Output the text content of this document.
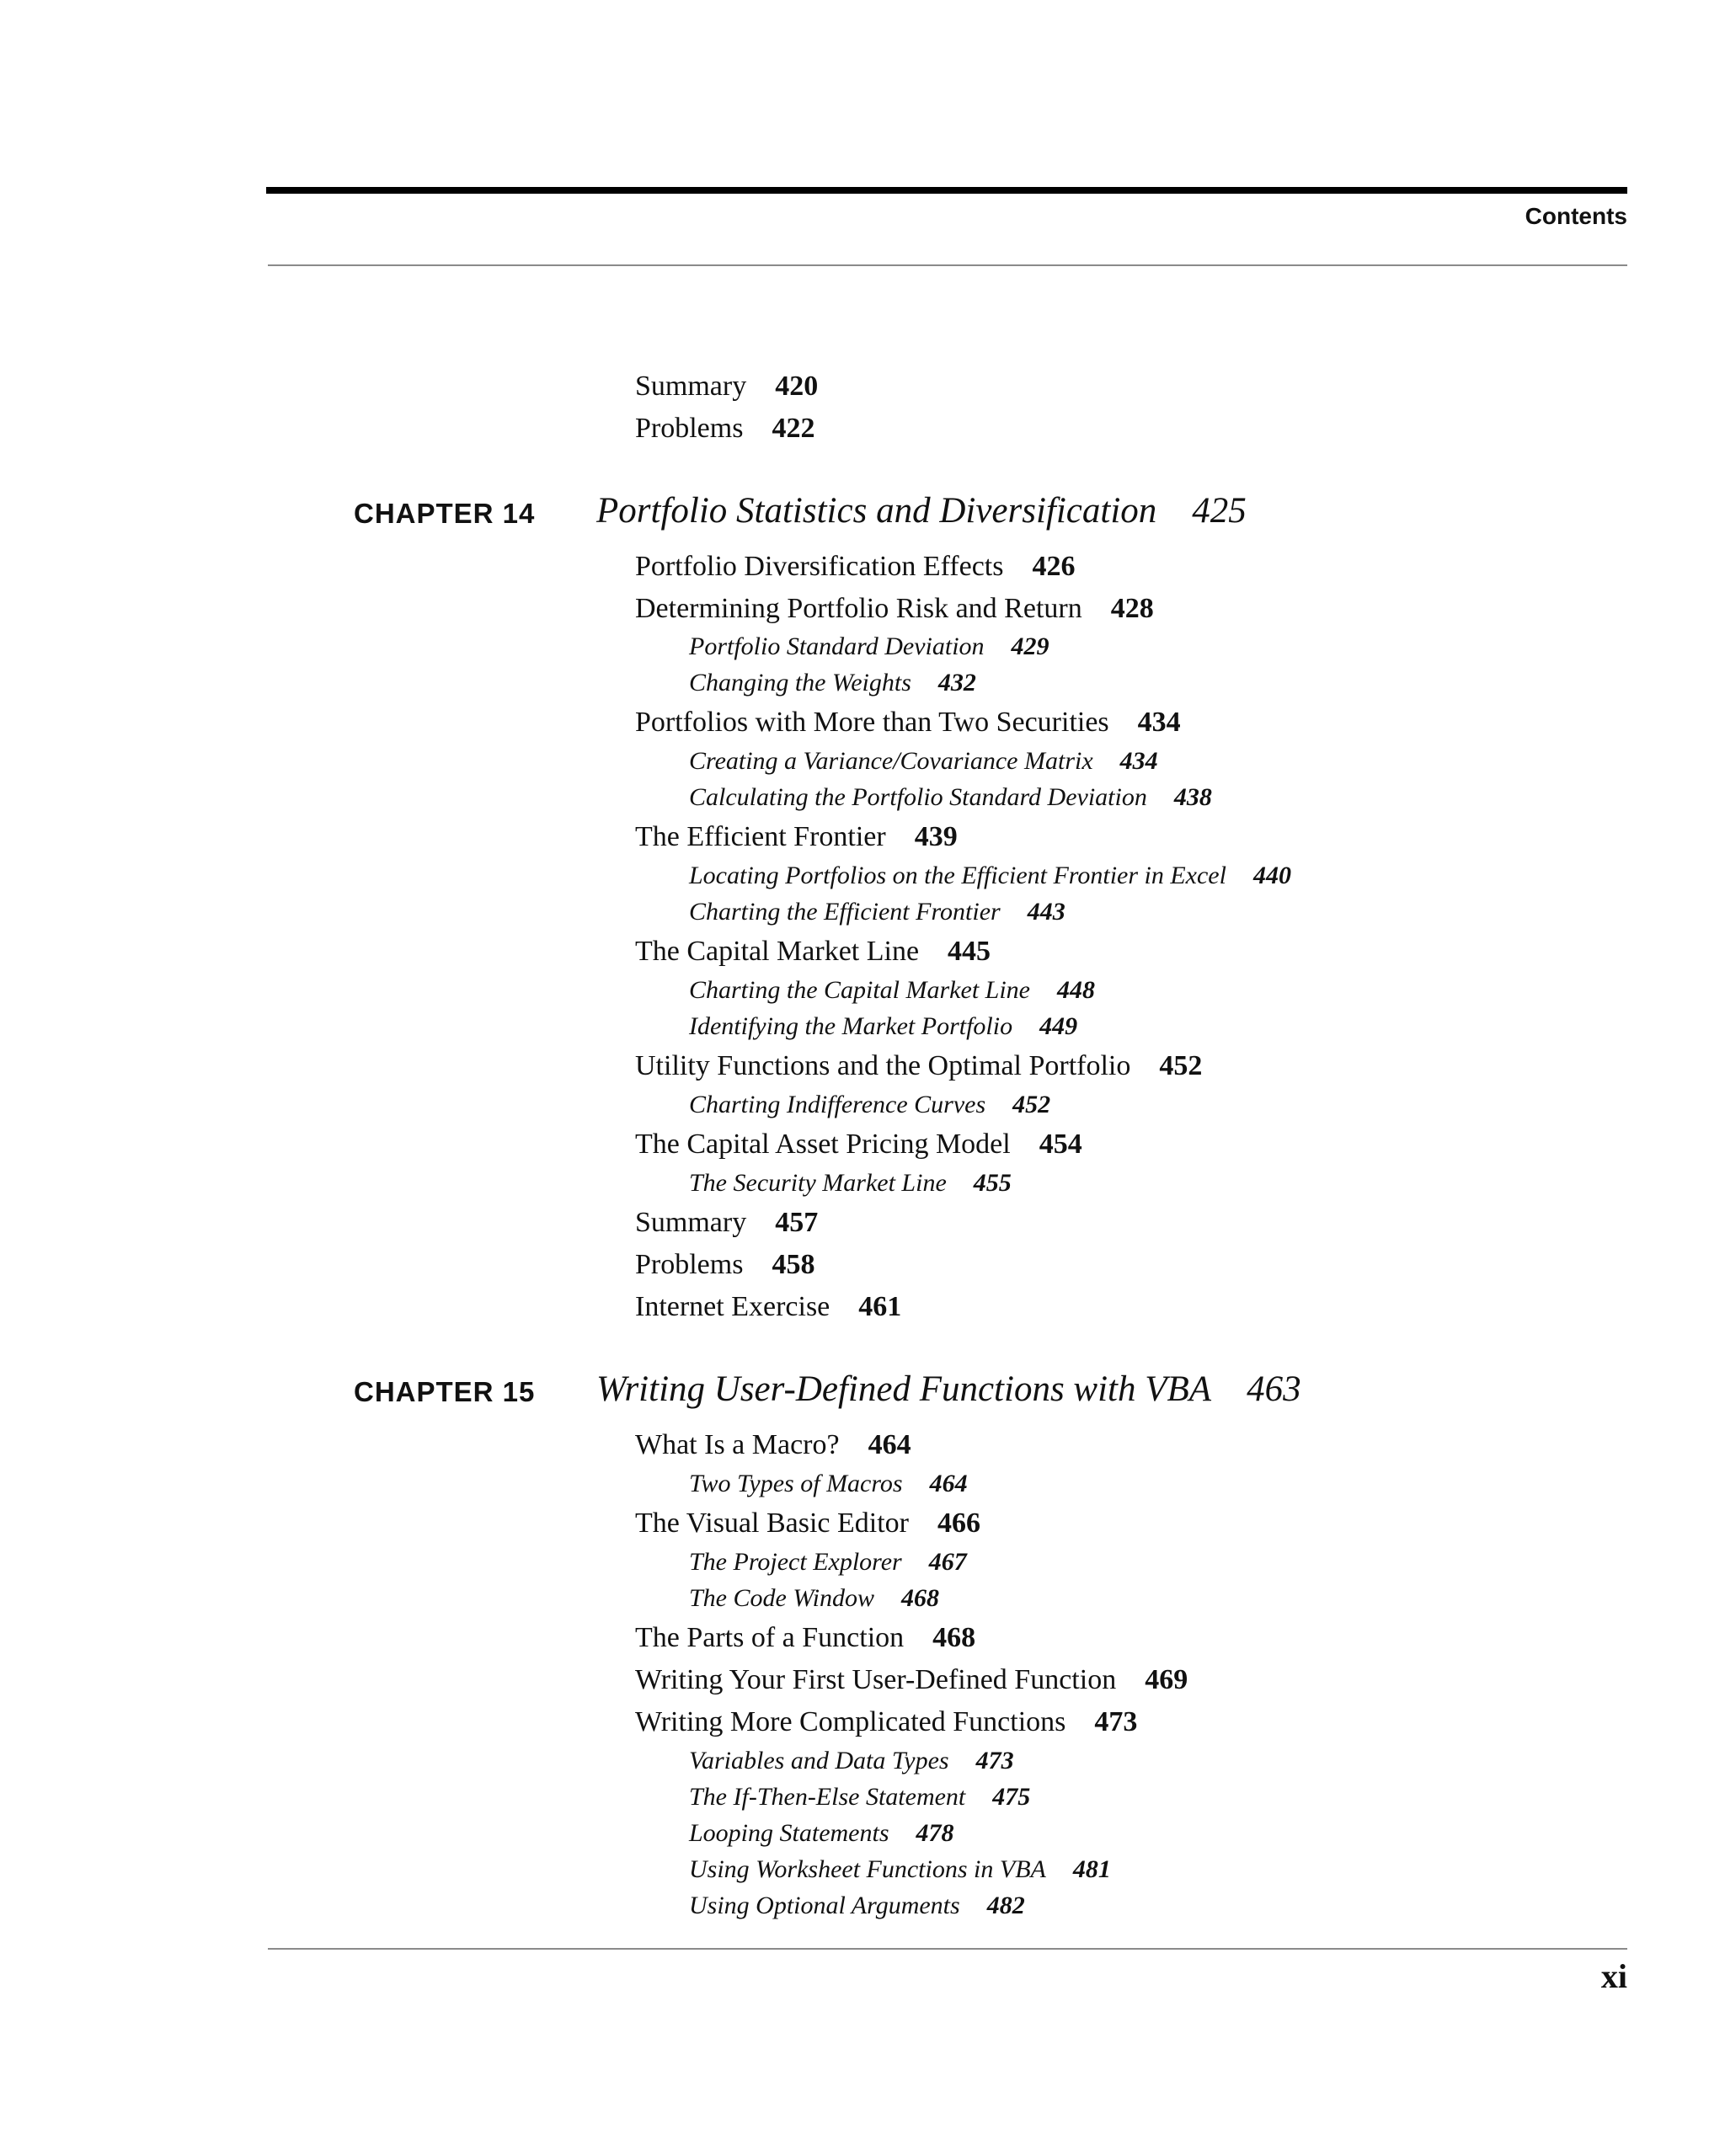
Contents
Summary 420
Problems 422
CHAPTER 14 Portfolio Statistics and Diversification 425
Portfolio Diversification Effects 426
Determining Portfolio Risk and Return 428
Portfolio Standard Deviation 429
Changing the Weights 432
Portfolios with More than Two Securities 434
Creating a Variance/Covariance Matrix 434
Calculating the Portfolio Standard Deviation 438
The Efficient Frontier 439
Locating Portfolios on the Efficient Frontier in Excel 440
Charting the Efficient Frontier 443
The Capital Market Line 445
Charting the Capital Market Line 448
Identifying the Market Portfolio 449
Utility Functions and the Optimal Portfolio 452
Charting Indifference Curves 452
The Capital Asset Pricing Model 454
The Security Market Line 455
Summary 457
Problems 458
Internet Exercise 461
CHAPTER 15 Writing User-Defined Functions with VBA 463
What Is a Macro? 464
Two Types of Macros 464
The Visual Basic Editor 466
The Project Explorer 467
The Code Window 468
The Parts of a Function 468
Writing Your First User-Defined Function 469
Writing More Complicated Functions 473
Variables and Data Types 473
The If-Then-Else Statement 475
Looping Statements 478
Using Worksheet Functions in VBA 481
Using Optional Arguments 482
xi
